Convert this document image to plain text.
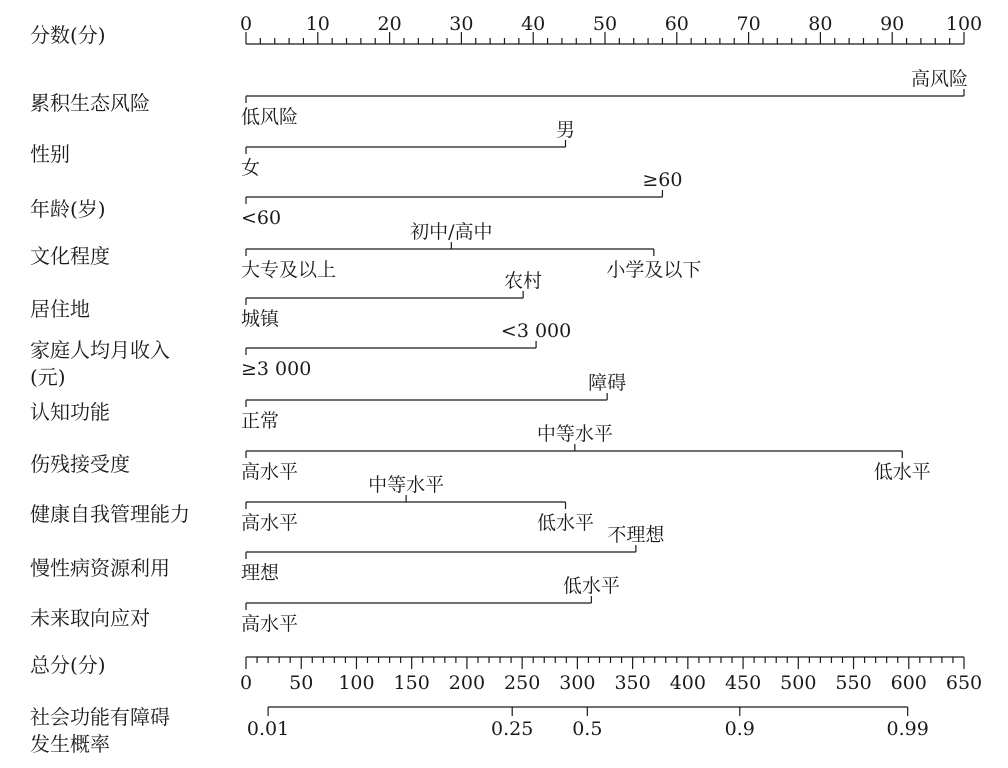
分数(分)	0	10	20	30	40	50	60	70	80	90 100
累积生态风险
低风险
高风险
性别
女
男
年龄(岁)	<60
≥60
文化程度
大专及以上
初中/高中
小学及以下
居住地	城镇
农村
家庭人均月收入
(元)	≥3 000
<3 000
认知功能	正常
障碍
伤残接受度	高水平
中等水平
低水平
健康自我管理能力	高水平
中等水平
低水平
慢性病资源利用	理想
不理想
未来取向应对	高水平
低水平
总分(分)
0 50 100 150 200 250 300 350 400 450 500 550 600 650
社会功能有障碍
发生概率
0.01	0.25 0.5	0.9	0.99
